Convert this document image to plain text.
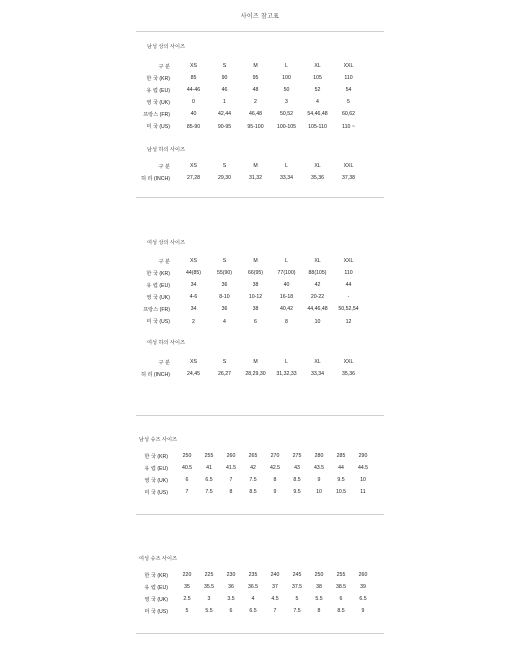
사이즈 참고표
남성 상의 사이즈
구 분	XS	S	M	L	XL	XXL
한 국 (KR)	85	90	95	100	105	110
유 럽 (EU)	44-46	46	48	50	52	54
영 국 (UK)	0	1	2	3	4	5
프랑스 (FR)	40	42,44	46,48	50,52	54,46,48	60,62
미 국 (US)	85-90	90-95	95-100	100-105	105-110	110 ~
남성 하의 사이즈
구 분	XS	S	M	L	XL	XXL
허 리 (INCH)	27,28	29,30	31,32	33,34	35,36	37,38
여성 상의 사이즈
구 분	XS	S	M	L	XL	XXL
한 국 (KR)	44(85)	55(90)	66(95)	77(100)	88(105)	110
유 럽 (EU)	34	36	38	40	42	44
영 국 (UK)	4-6	8-10	10-12	16-18	20-22	-
프랑스 (FR)	34	36	38	40,42	44,46,48	50,52,54
미 국 (US)	2	4	6	8	10	12
여성 하의 사이즈
구 분	XS	S	M	L	XL	XXL
허 리 (INCH)	24,45	26,27	28,29,30	31,32,33	33,34	35,36
남성 슈즈 사이즈
한 국 (KR)	250	255	260	265	270	275	280	285	290
유 럽 (EU)	40.5	41	41.5	42	42.5	43	43.5	44	44.5
영 국 (UK)	6	6.5	7	7.5	8	8.5	9	9.5	10
미 국 (US)	7	7.5	8	8.5	9	9.5	10	10.5	11
여성 슈즈 사이즈
한 국 (KR)	220	225	230	235	240	245	250	255	260
유 럽 (EU)	35	35.5	36	36.5	37	37.5	38	38.5	39
영 국 (UK)	2.5	3	3.5	4	4.5	5	5.5	6	6.5
미 국 (US)	5	5.5	6	6.5	7	7.5	8	8.5	9
